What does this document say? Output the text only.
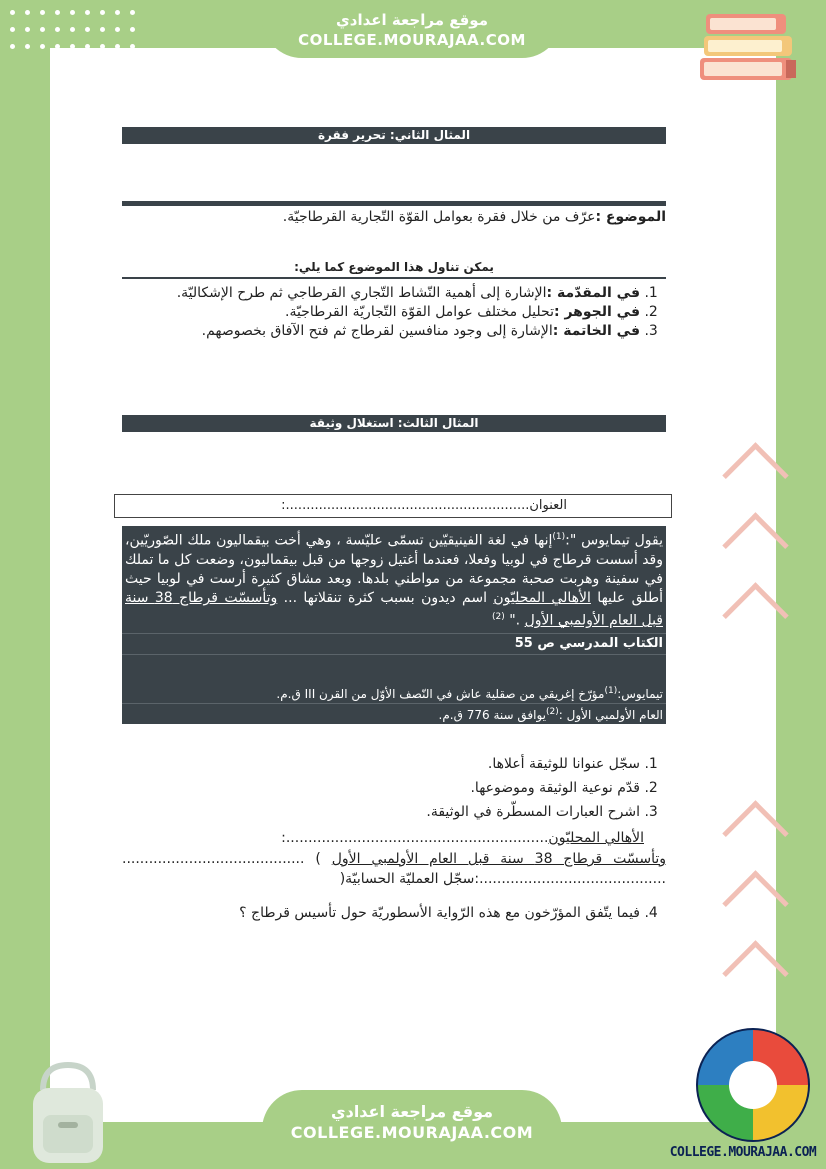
موقع مراجعة اعدادي
COLLEGE.MOURAJAA.COM
المثال الثاني: تحرير فقرة
الموضوع :عرّف من خلال فقرة بعوامل القوّة التّجارية القرطاجيّة.
يمكن تناول هذا الموضوع كما يلي:
1. في المقدّمة :الإشارة إلى أهمية النّشاط التّجاري القرطاجي ثم طرح الإشكاليّة.
2. في الجوهر :تحليل مختلف عوامل القوّة التّجاريّة القرطاجيّة.
3. في الخاتمة :الإشارة إلى وجود منافسين لقرطاج ثم فتح الآفاق بخصوصهم.
المثال الثالث: استغلال وثيقة
العنوان...........................................................:
يقول تيمايوس ":$^{(1)}$إنها في لغة الفينيقيّين تسمّى عليّسة ، وهي أخت بيقماليون ملك الصّوريّين، وقد أسست قرطاج في لوبيا وفعلا، فعندما أغتيل زوجها من قبل بيقماليون، وضعت كل ما تملك في سفينة وهربت صحبة مجموعة من مواطني بلدها. وبعد مشاق كثيرة أرست في لوبيا حيث أطلق عليها الأهالي المحليّون اسم ديدون بسبب كثرة تنقلاتها ... وتأسسّت قرطاج 38 سنة قبل العام الأولمبي الأول ." $^{(2)}$
الكتاب المدرسي ص 55
تيمايوس:$^{(1)}$مؤرّخ إغريقي من صقلية عاش في النّصف الأوّل من القرن III ق.م.
العام الأولمبي الأول :$^{(2)}$يوافق سنة 776 ق.م.
1. سجّل عنوانا للوثيقة أعلاها.
2. قدّم نوعية الوثيقة وموضوعها.
3. اشرح العبارات المسطّرة في الوثيقة.
الأهالي المحليّون...........................................................:
وتأسسّت قرطاج 38 سنة قبل العام الأولمبي الأول ) ......................................... ..........................................:سجّل العمليّة الحسابيّة(
4. فيما يتّفق المؤرّخون مع هذه الرّواية الأسطوريّة حول تأسيس قرطاج ؟
موقع مراجعة اعدادي
COLLEGE.MOURAJAA.COM
COLLEGE.MOURAJAA.COM
